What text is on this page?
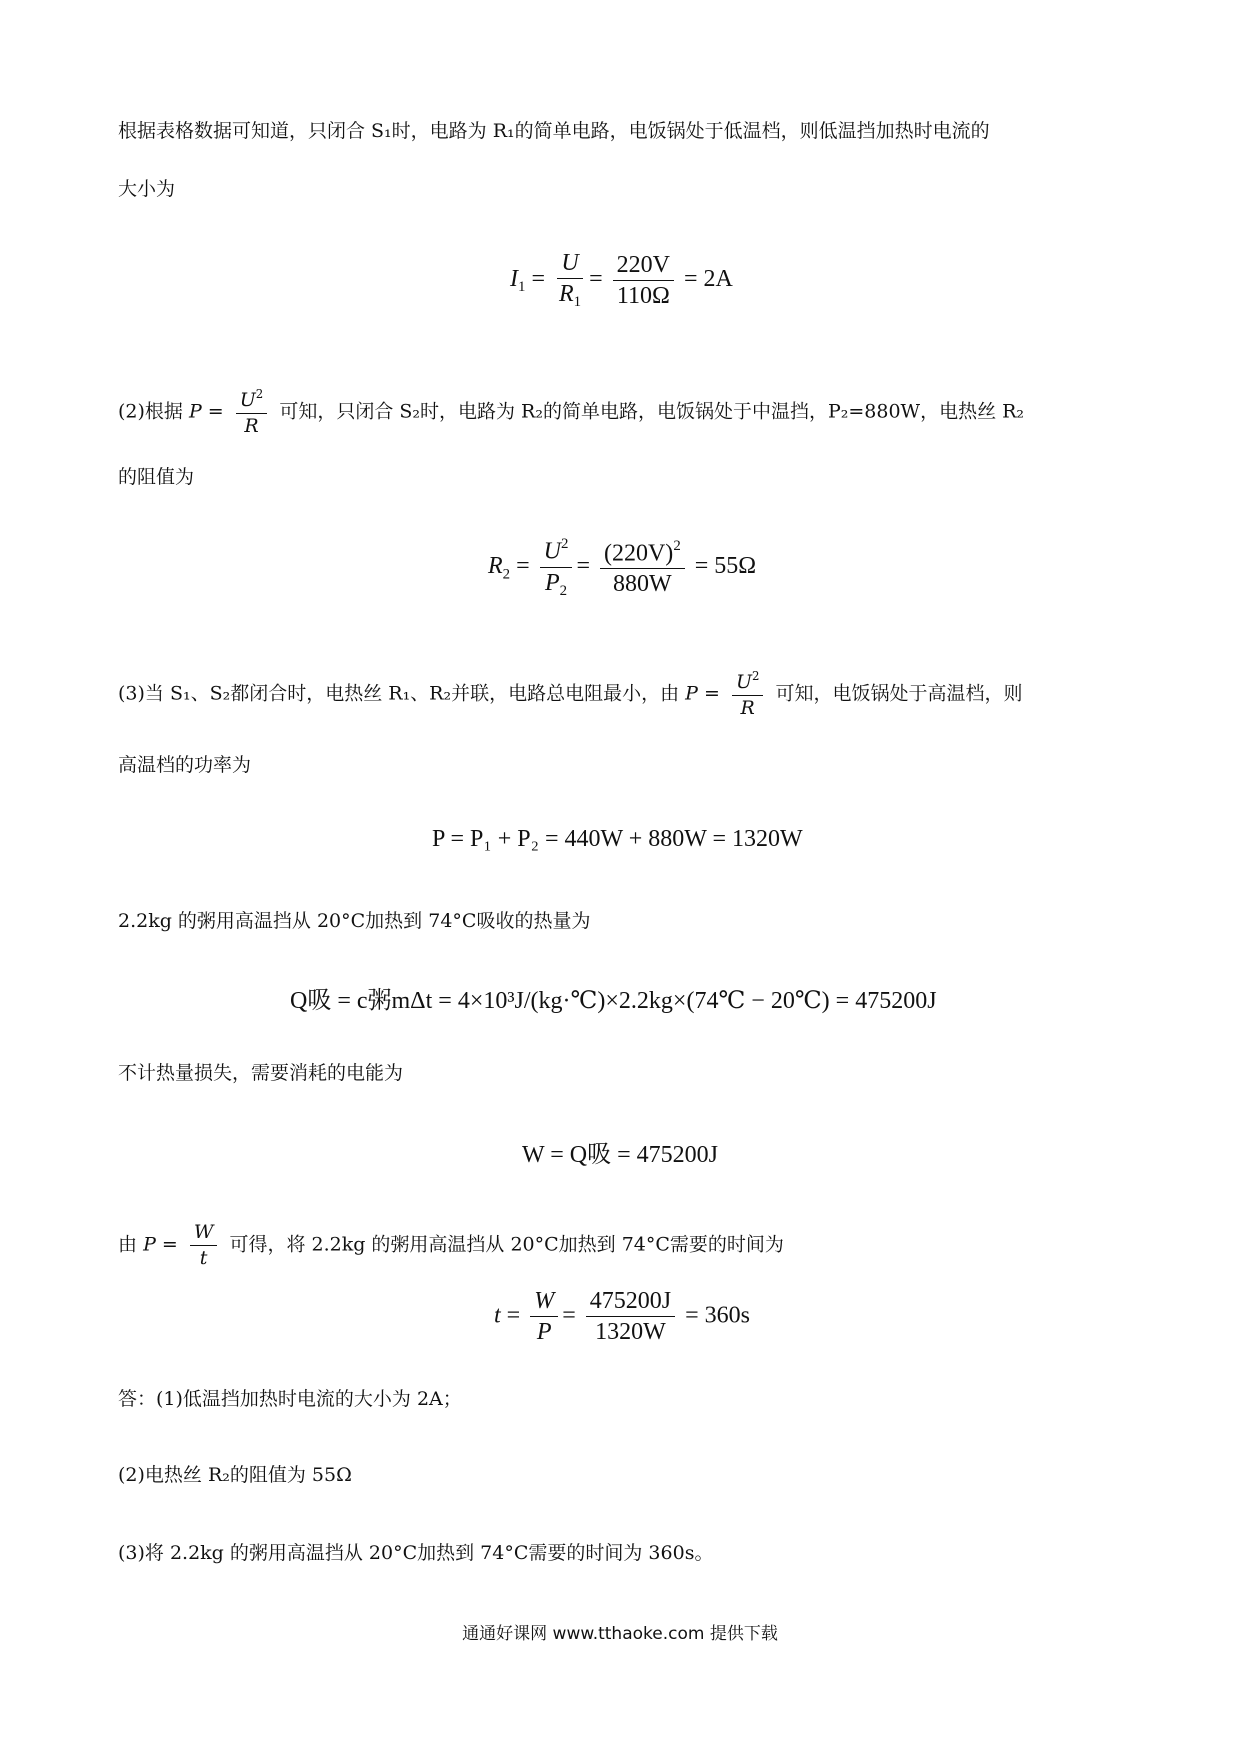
根据表格数据可知道，只闭合 S₁时，电路为 R₁的简单电路，电饭锅处于低温档，则低温挡加热时电流的
大小为
$I_1 = \frac{U}{R_1} = \frac{220V}{110\Omega} = 2A$
(2)根据 $P = \frac{U^2}{R}$ 可知，只闭合 S₂时，电路为 R₂的简单电路，电饭锅处于中温挡，P₂=880W，电热丝 R₂
的阻值为
$R_2 = \frac{U^2}{P_2} = \frac{(220V)^2}{880W} = 55\Omega$
(3)当 S₁、S₂都闭合时，电热丝 R₁、R₂并联，电路总电阻最小，由 $P = \frac{U^2}{R}$ 可知，电饭锅处于高温档，则
高温档的功率为
P = P₁ + P₂ = 440W + 880W = 1320W
2.2kg 的粥用高温挡从 20°C加热到 74°C吸收的热量为
Q吸 = c粥mΔt = 4×10³J/(kg·℃)×2.2kg×(74℃ − 20℃) = 475200J
不计热量损失，需要消耗的电能为
W = Q吸 = 475200J
由 $P = \frac{W}{t}$ 可得，将 2.2kg 的粥用高温挡从 20°C加热到 74°C需要的时间为
$t = \frac{W}{P} = \frac{475200J}{1320W} = 360s$
答：(1)低温挡加热时电流的大小为 2A；
(2)电热丝 R₂的阻值为 55Ω
(3)将 2.2kg 的粥用高温挡从 20°C加热到 74°C需要的时间为 360s。
通通好课网 www.tthaoke.com 提供下载
